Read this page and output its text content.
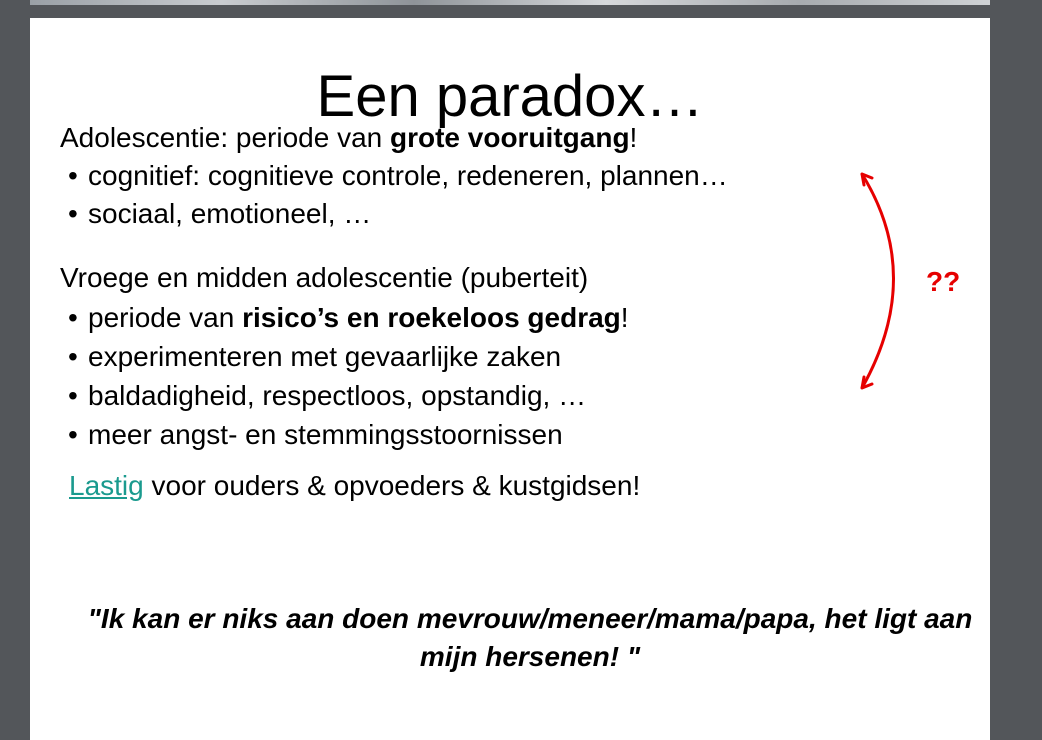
Een paradox…
Adolescentie: periode van grote vooruitgang!
• cognitief: cognitieve controle, redeneren, plannen…
• sociaal, emotioneel, …
Vroege en midden adolescentie (puberteit)
• periode van risico’s en roekeloos gedrag!
• experimenteren met gevaarlijke zaken
• baldadigheid, respectloos, opstandig, …
• meer angst- en stemmingsstoornissen
Lastig voor ouders & opvoeders & kustgidsen!
??
"Ik kan er niks aan doen mevrouw/meneer/mama/papa, het ligt aan mijn hersenen! "
